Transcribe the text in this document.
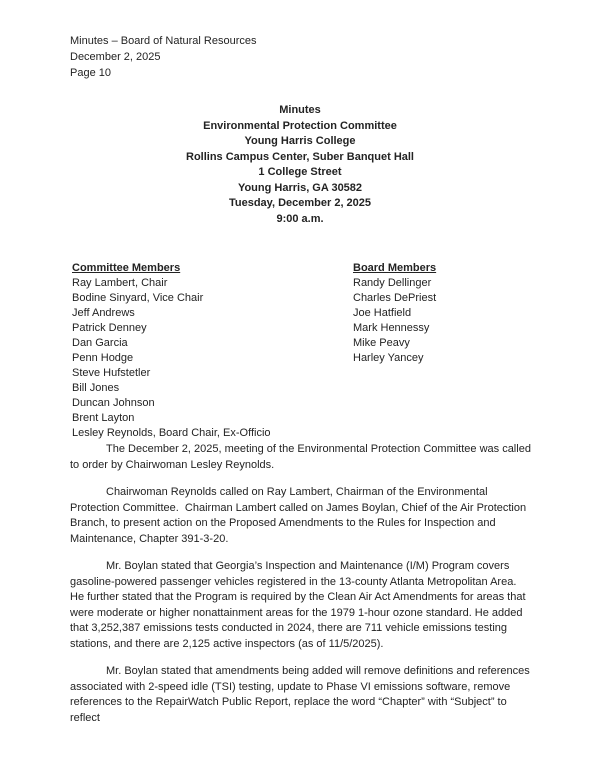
Minutes – Board of Natural Resources
December 2, 2025
Page 10
Minutes
Environmental Protection Committee
Young Harris College
Rollins Campus Center, Suber Banquet Hall
1 College Street
Young Harris, GA 30582
Tuesday, December 2, 2025
9:00 a.m.
Committee Members
Ray Lambert, Chair
Bodine Sinyard, Vice Chair
Jeff Andrews
Patrick Denney
Dan Garcia
Penn Hodge
Steve Hufstetler
Bill Jones
Duncan Johnson
Brent Layton
Lesley Reynolds, Board Chair, Ex-Officio
Board Members
Randy Dellinger
Charles DePriest
Joe Hatfield
Mark Hennessy
Mike Peavy
Harley Yancey

The December 2, 2025, meeting of the Environmental Protection Committee was called to order by Chairwoman Lesley Reynolds.

Chairwoman Reynolds called on Ray Lambert, Chairman of the Environmental Protection Committee.  Chairman Lambert called on James Boylan, Chief of the Air Protection Branch, to present action on the Proposed Amendments to the Rules for Inspection and Maintenance, Chapter 391-3-20.

Mr. Boylan stated that Georgia’s Inspection and Maintenance (I/M) Program covers gasoline-powered passenger vehicles registered in the 13-county Atlanta Metropolitan Area. He further stated that the Program is required by the Clean Air Act Amendments for areas that were moderate or higher nonattainment areas for the 1979 1-hour ozone standard. He added that 3,252,387 emissions tests conducted in 2024, there are 711 vehicle emissions testing stations, and there are 2,125 active inspectors (as of 11/5/2025).

Mr. Boylan stated that amendments being added will remove definitions and references associated with 2-speed idle (TSI) testing, update to Phase VI emissions software, remove references to the RepairWatch Public Report, replace the word “Chapter” with “Subject” to reflect
